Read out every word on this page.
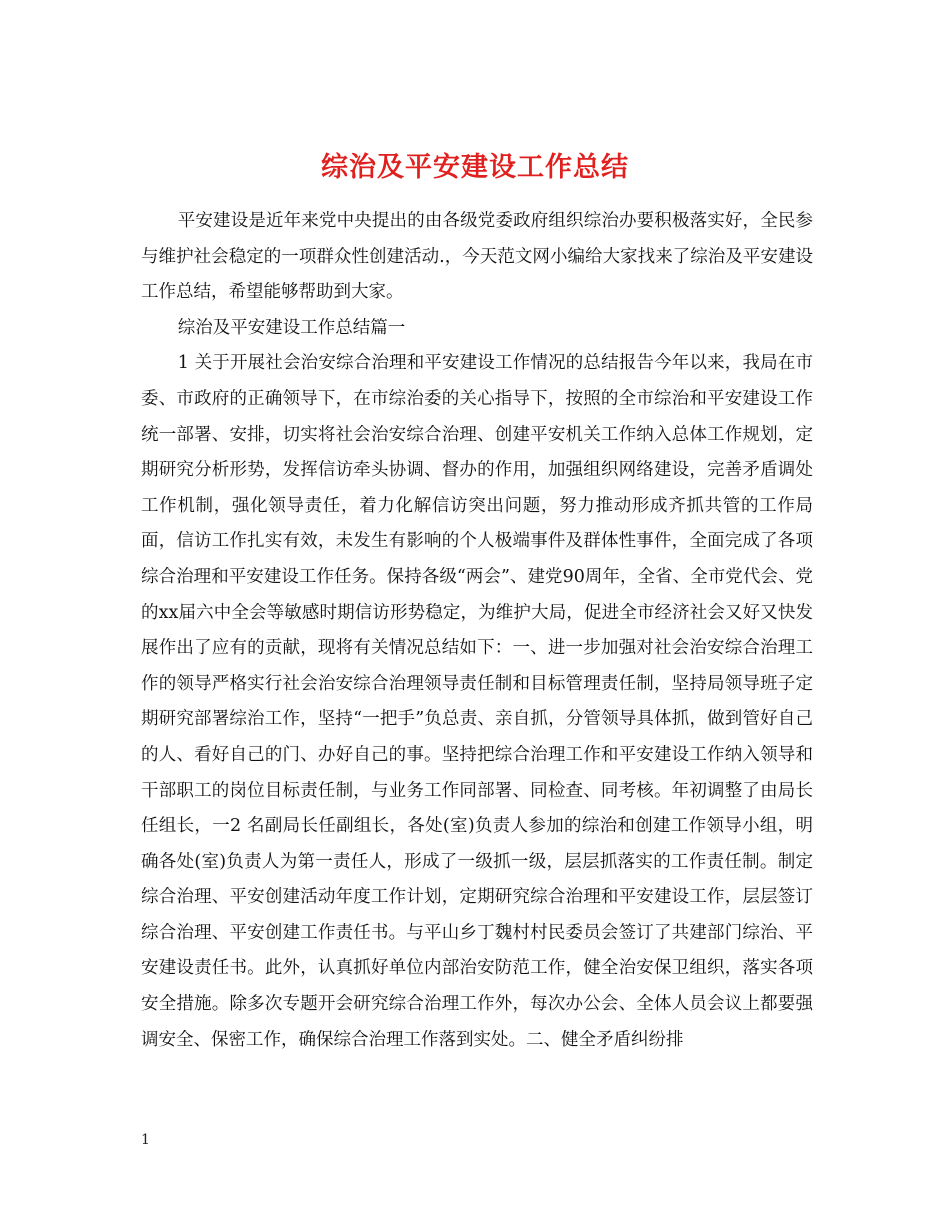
综治及平安建设工作总结

平安建设是近年来党中央提出的由各级党委政府组织综治办要积极落实好，全民参与维护社会稳定的一项群众性创建活动.，今天范文网小编给大家找来了综治及平安建设工作总结，希望能够帮助到大家。

综治及平安建设工作总结篇一

1 关于开展社会治安综合治理和平安建设工作情况的总结报告今年以来，我局在市委、市政府的正确领导下，在市综治委的关心指导下，按照的全市综治和平安建设工作统一部署、安排，切实将社会治安综合治理、创建平安机关工作纳入总体工作规划，定期研究分析形势，发挥信访牵头协调、督办的作用，加强组织网络建设，完善矛盾调处工作机制，强化领导责任，着力化解信访突出问题，努力推动形成齐抓共管的工作局面，信访工作扎实有效，未发生有影响的个人极端事件及群体性事件，全面完成了各项综合治理和平安建设工作任务。保持各级“两会”、建党90周年，全省、全市党代会、党的xx届六中全会等敏感时期信访形势稳定，为维护大局，促进全市经济社会又好又快发展作出了应有的贡献，现将有关情况总结如下：一、进一步加强对社会治安综合治理工作的领导严格实行社会治安综合治理领导责任制和目标管理责任制，坚持局领导班子定期研究部署综治工作，坚持“一把手”负总责、亲自抓，分管领导具体抓，做到管好自己的人、看好自己的门、办好自己的事。坚持把综合治理工作和平安建设工作纳入领导和干部职工的岗位目标责任制，与业务工作同部署、同检查、同考核。年初调整了由局长任组长，一2 名副局长任副组长，各处(室)负责人参加的综治和创建工作领导小组，明确各处(室)负责人为第一责任人，形成了一级抓一级，层层抓落实的工作责任制。制定综合治理、平安创建活动年度工作计划，定期研究综合治理和平安建设工作，层层签订综合治理、平安创建工作责任书。与平山乡丁魏村村民委员会签订了共建部门综治、平安建设责任书。此外，认真抓好单位内部治安防范工作，健全治安保卫组织，落实各项安全措施。除多次专题开会研究综合治理工作外，每次办公会、全体人员会议上都要强调安全、保密工作，确保综合治理工作落到实处。二、健全矛盾纠纷排

1
